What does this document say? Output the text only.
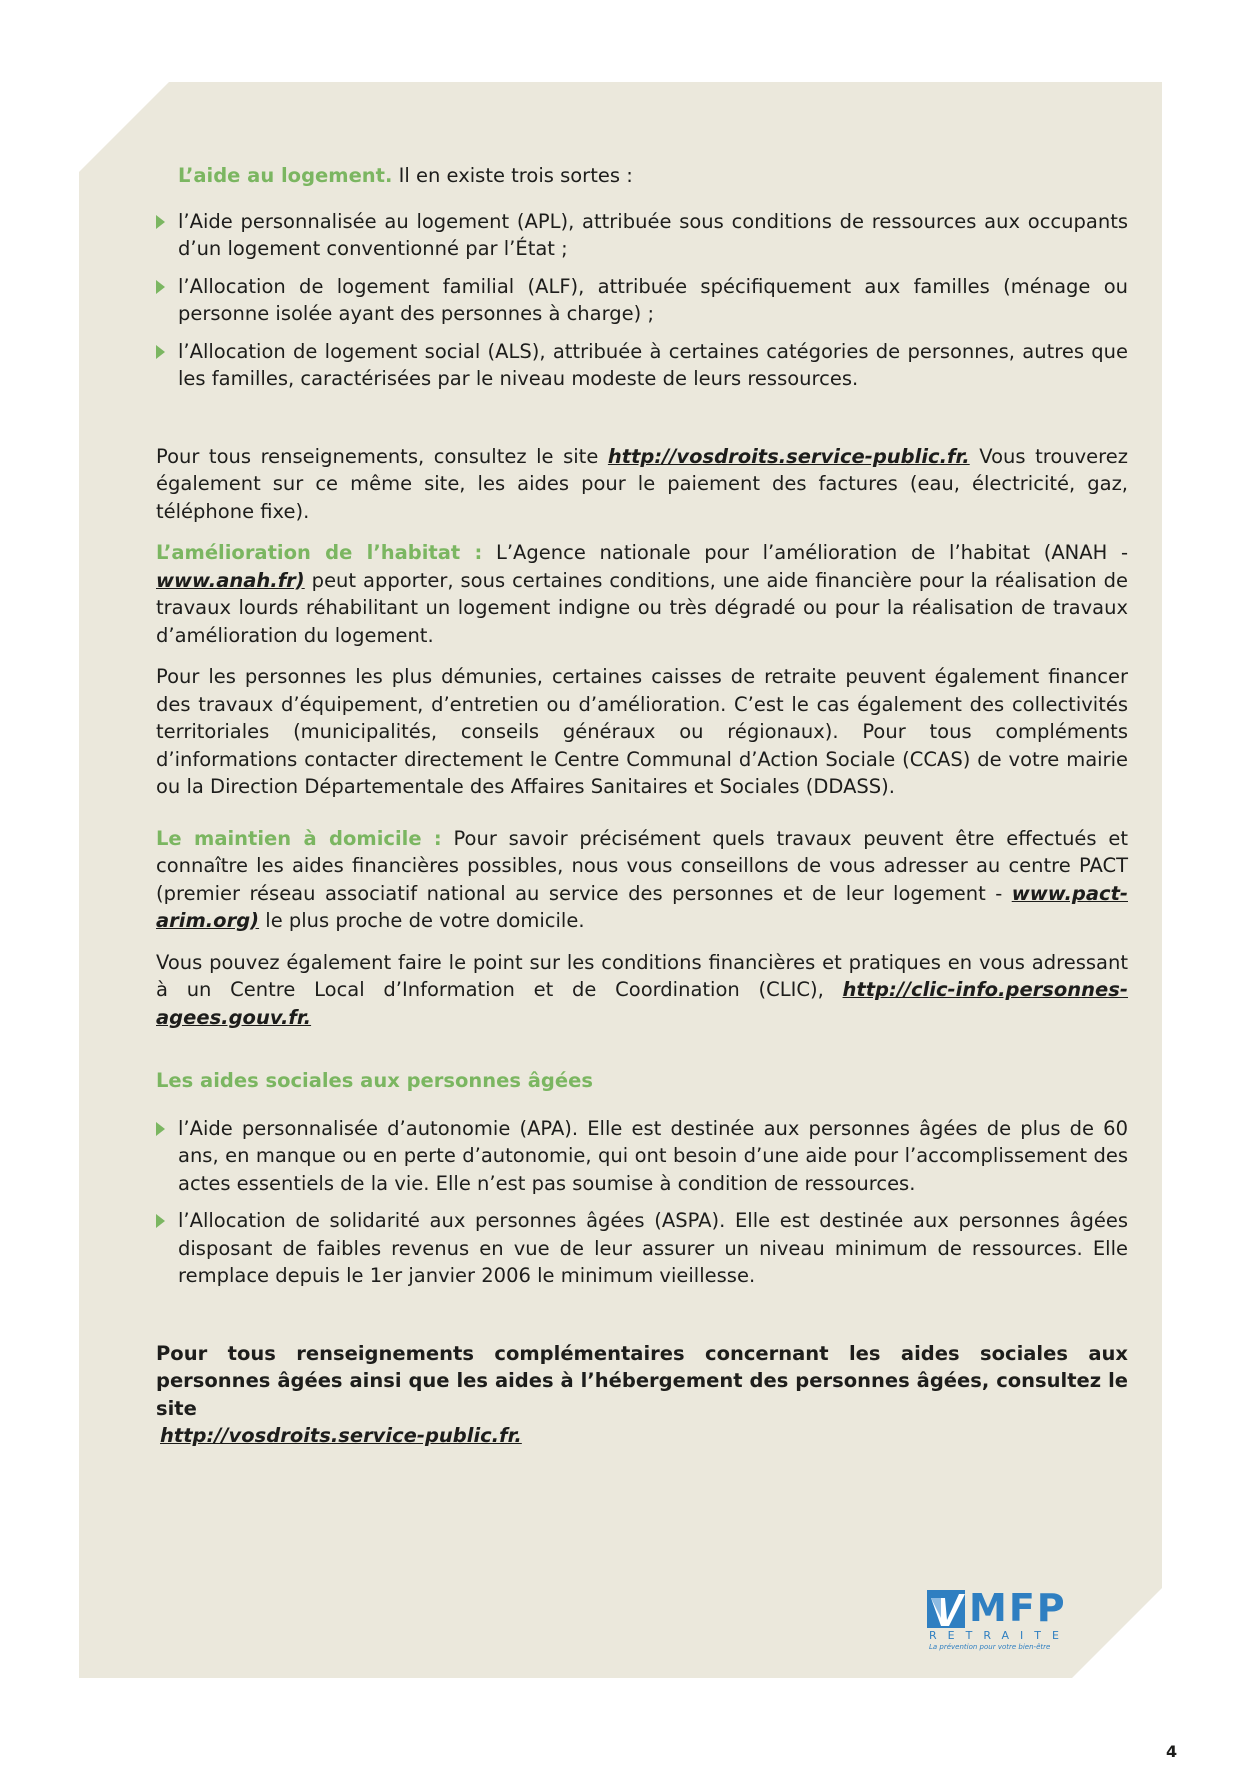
L’aide au logement. Il en existe trois sortes :

l’Aide personnalisée au logement (APL), attribuée sous conditions de ressources aux occupants d’un logement conventionné par l’État ;
l’Allocation de logement familial (ALF), attribuée spécifiquement aux familles (ménage ou personne isolée ayant des personnes à charge) ;
l’Allocation de logement social (ALS), attribuée à certaines catégories de personnes, autres que les familles, caractérisées par le niveau modeste de leurs ressources.

Pour tous renseignements, consultez le site http://vosdroits.service-public.fr. Vous trouverez également sur ce même site, les aides pour le paiement des factures (eau, électricité, gaz, téléphone fixe).

L’amélioration de l’habitat : L’Agence nationale pour l’amélioration de l’habitat (ANAH - www.anah.fr) peut apporter, sous certaines conditions, une aide financière pour la réalisation de travaux lourds réhabilitant un logement indigne ou très dégradé ou pour la réalisation de travaux d’amélioration du logement.

Pour les personnes les plus démunies, certaines caisses de retraite peuvent également financer des travaux d’équipement, d’entretien ou d’amélioration. C’est le cas également des collectivités territoriales (municipalités, conseils généraux ou régionaux). Pour tous compléments d’informations contacter directement le Centre Communal d’Action Sociale (CCAS) de votre mairie ou la Direction Départementale des Affaires Sanitaires et Sociales (DDASS).

Le maintien à domicile : Pour savoir précisément quels travaux peuvent être effectués et connaître les aides financières possibles, nous vous conseillons de vous adresser au centre PACT (premier réseau associatif national au service des personnes et de leur logement - www.pact-arim.org) le plus proche de votre domicile.

Vous pouvez également faire le point sur les conditions financières et pratiques en vous adressant à un Centre Local d’Information et de Coordination (CLIC), http://clic-info.personnes-agees.gouv.fr.

Les aides sociales aux personnes âgées

l’Aide personnalisée d’autonomie (APA). Elle est destinée aux personnes âgées de plus de 60 ans, en manque ou en perte d’autonomie, qui ont besoin d’une aide pour l’accomplissement des actes essentiels de la vie. Elle n’est pas soumise à condition de ressources.
l’Allocation de solidarité aux personnes âgées (ASPA). Elle est destinée aux personnes âgées disposant de faibles revenus en vue de leur assurer un niveau minimum de ressources. Elle remplace depuis le 1er janvier 2006 le minimum vieillesse.

Pour tous renseignements complémentaires concernant les aides sociales aux personnes âgées ainsi que les aides à l’hébergement des personnes âgées, consultez le site
http://vosdroits.service-public.fr.

MFP
RETRAITE
La prévention pour votre bien-être
4
